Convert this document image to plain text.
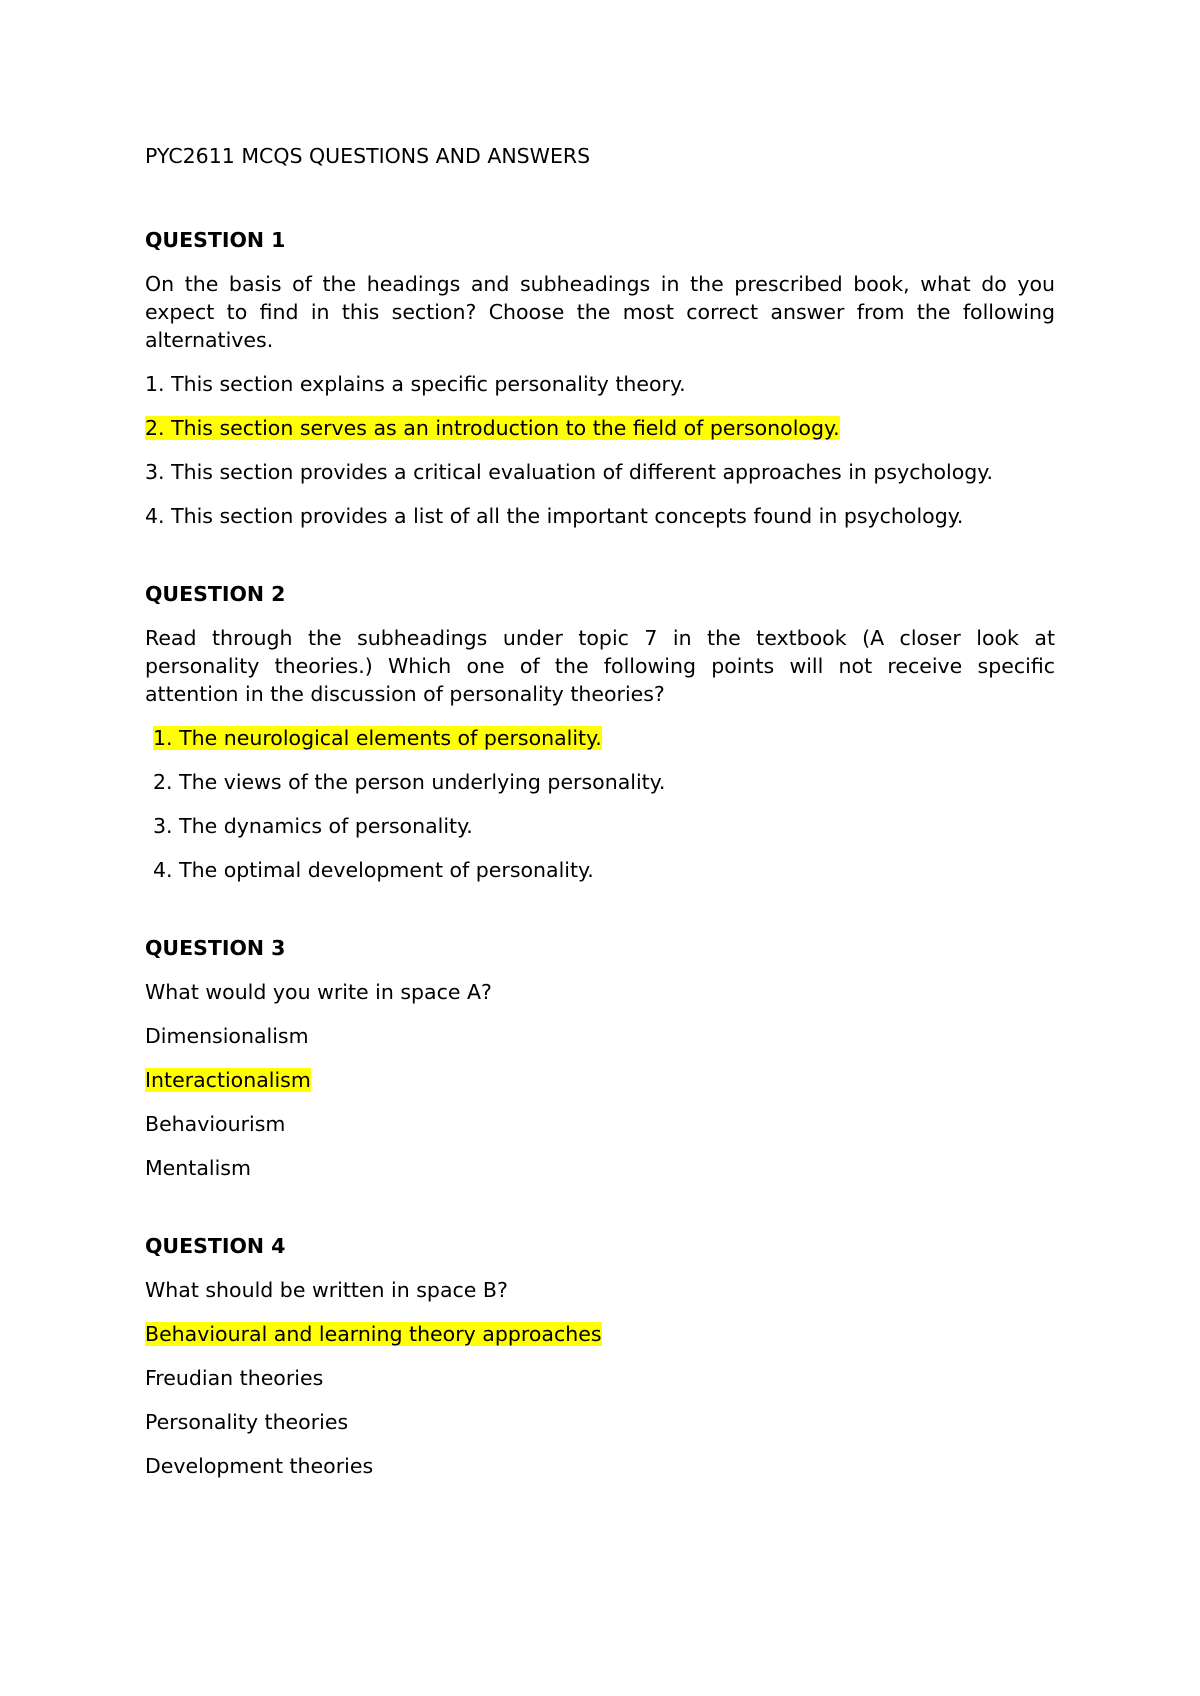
PYC2611 MCQS QUESTIONS AND ANSWERS

QUESTION 1

On the basis of the headings and subheadings in the prescribed book, what do you expect to find in this section? Choose the most correct answer from the following alternatives.

1. This section explains a specific personality theory.

2. This section serves as an introduction to the field of personology.

3. This section provides a critical evaluation of different approaches in psychology.

4. This section provides a list of all the important concepts found in psychology.

QUESTION 2

Read through the subheadings under topic 7 in the textbook (A closer look at personality theories.) Which one of the following points will not receive specific attention in the discussion of personality theories?

1. The neurological elements of personality.

2. The views of the person underlying personality.

3. The dynamics of personality.

4. The optimal development of personality.

QUESTION 3

What would you write in space A?

Dimensionalism

Interactionalism

Behaviourism

Mentalism

QUESTION 4

What should be written in space B?

Behavioural and learning theory approaches

Freudian theories

Personality theories

Development theories
